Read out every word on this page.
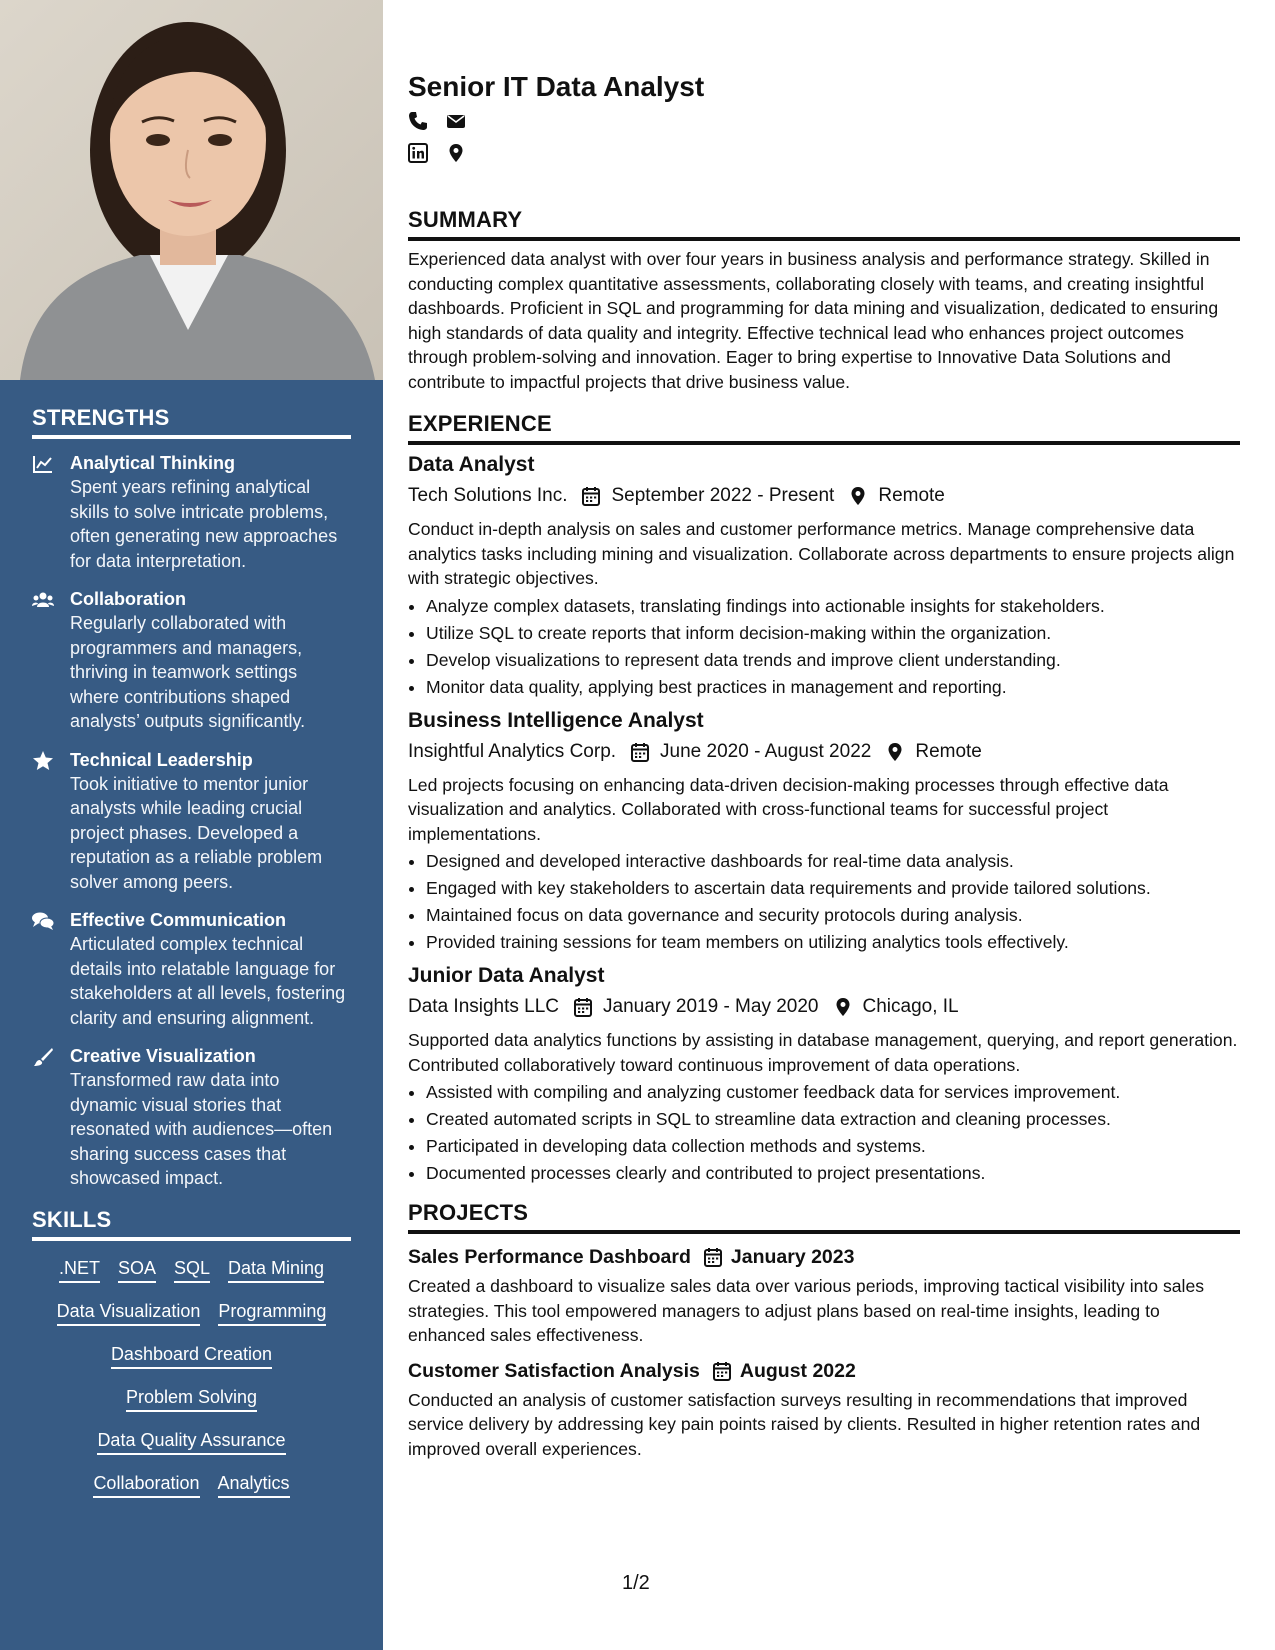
STRENGTHS
Analytical Thinking
Spent years refining analytical skills to solve intricate problems, often generating new approaches for data interpretation.
Collaboration
Regularly collaborated with programmers and managers, thriving in teamwork settings where contributions shaped analysts’ outputs significantly.
Technical Leadership
Took initiative to mentor junior analysts while leading crucial project phases. Developed a reputation as a reliable problem solver among peers.
Effective Communication
Articulated complex technical details into relatable language for stakeholders at all levels, fostering clarity and ensuring alignment.
Creative Visualization
Transformed raw data into dynamic visual stories that resonated with audiences—often sharing success cases that showcased impact.
SKILLS
.NET SOA SQL Data Mining
Data Visualization Programming
Dashboard Creation
Problem Solving
Data Quality Assurance
Collaboration Analytics
Senior IT Data Analyst
SUMMARY

Experienced data analyst with over four years in business analysis and performance strategy. Skilled in conducting complex quantitative assessments, collaborating closely with teams, and creating insightful dashboards. Proficient in SQL and programming for data mining and visualization, dedicated to ensuring high standards of data quality and integrity. Effective technical lead who enhances project outcomes through problem-solving and innovation. Eager to bring expertise to Innovative Data Solutions and contribute to impactful projects that drive business value.

EXPERIENCE
Data Analyst
Tech Solutions Inc. September 2022 - Present Remote
Conduct in-depth analysis on sales and customer performance metrics. Manage comprehensive data analytics tasks including mining and visualization. Collaborate across departments to ensure projects align with strategic objectives.
• Analyze complex datasets, translating findings into actionable insights for stakeholders.
• Utilize SQL to create reports that inform decision-making within the organization.
• Develop visualizations to represent data trends and improve client understanding.
• Monitor data quality, applying best practices in management and reporting.
Business Intelligence Analyst
Insightful Analytics Corp. June 2020 - August 2022 Remote
Led projects focusing on enhancing data-driven decision-making processes through effective data visualization and analytics. Collaborated with cross-functional teams for successful project implementations.
• Designed and developed interactive dashboards for real-time data analysis.
• Engaged with key stakeholders to ascertain data requirements and provide tailored solutions.
• Maintained focus on data governance and security protocols during analysis.
• Provided training sessions for team members on utilizing analytics tools effectively.
Junior Data Analyst
Data Insights LLC January 2019 - May 2020 Chicago, IL
Supported data analytics functions by assisting in database management, querying, and report generation. Contributed collaboratively toward continuous improvement of data operations.
• Assisted with compiling and analyzing customer feedback data for services improvement.
• Created automated scripts in SQL to streamline data extraction and cleaning processes.
• Participated in developing data collection methods and systems.
• Documented processes clearly and contributed to project presentations.
PROJECTS
Sales Performance Dashboard January 2023
Created a dashboard to visualize sales data over various periods, improving tactical visibility into sales strategies. This tool empowered managers to adjust plans based on real-time insights, leading to enhanced sales effectiveness.
Customer Satisfaction Analysis August 2022
Conducted an analysis of customer satisfaction surveys resulting in recommendations that improved service delivery by addressing key pain points raised by clients. Resulted in higher retention rates and improved overall experiences.
1/2
